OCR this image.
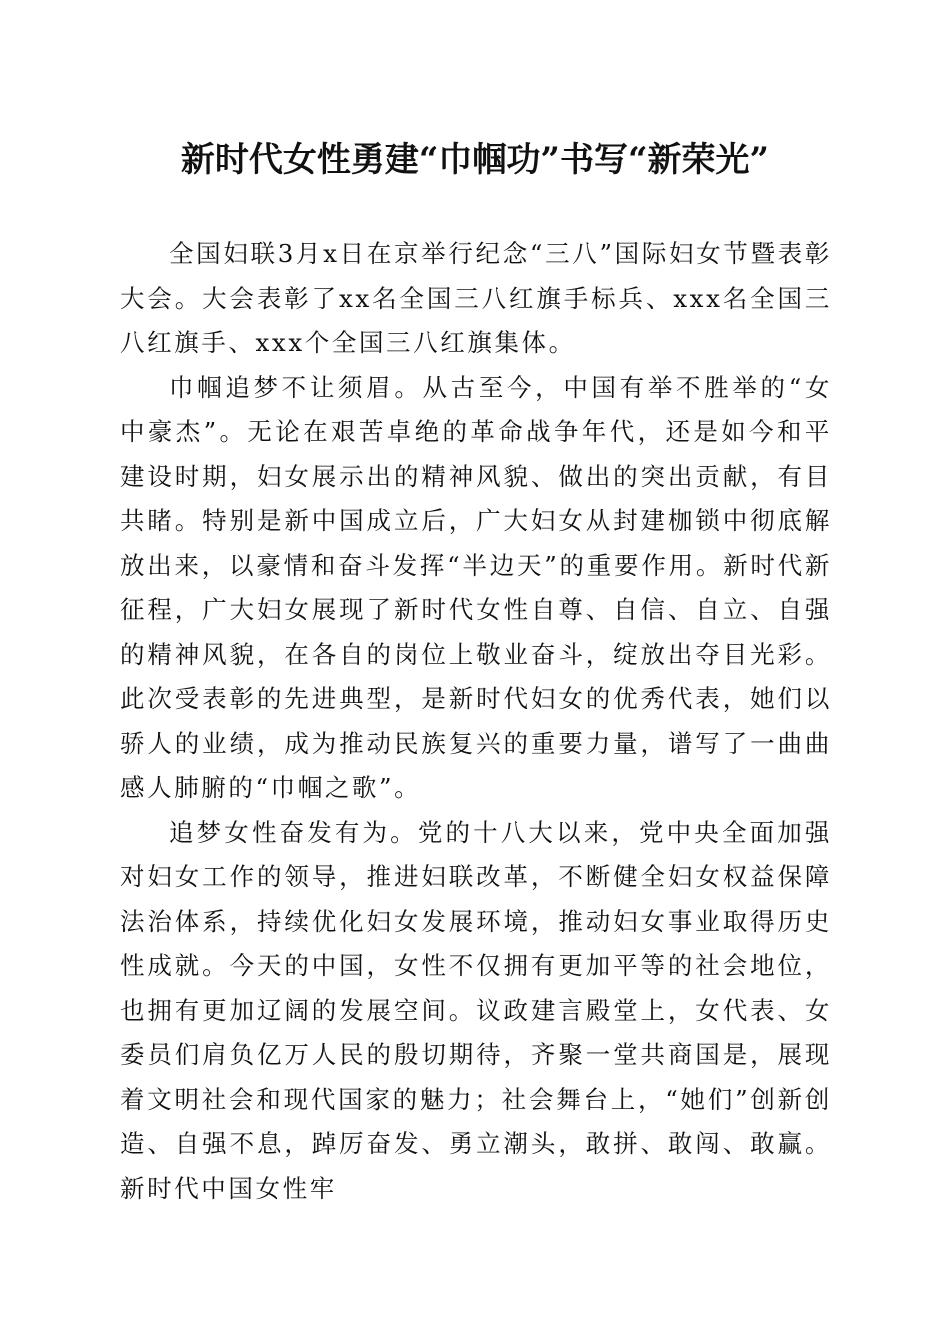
新时代女性勇建“巾帼功”书写“新荣光”

全国妇联3月x日在京举行纪念“三八”国际妇女节暨表彰大会。大会表彰了xx名全国三八红旗手标兵、xxx名全国三八红旗手、xxx个全国三八红旗集体。

巾帼追梦不让须眉。从古至今，中国有举不胜举的“女中豪杰”。无论在艰苦卓绝的革命战争年代，还是如今和平建设时期，妇女展示出的精神风貌、做出的突出贡献，有目共睹。特别是新中国成立后，广大妇女从封建枷锁中彻底解放出来，以豪情和奋斗发挥“半边天”的重要作用。新时代新征程，广大妇女展现了新时代女性自尊、自信、自立、自强的精神风貌，在各自的岗位上敬业奋斗，绽放出夺目光彩。此次受表彰的先进典型，是新时代妇女的优秀代表，她们以骄人的业绩，成为推动民族复兴的重要力量，谱写了一曲曲感人肺腑的“巾帼之歌”。

追梦女性奋发有为。党的十八大以来，党中央全面加强对妇女工作的领导，推进妇联改革，不断健全妇女权益保障法治体系，持续优化妇女发展环境，推动妇女事业取得历史性成就。今天的中国，女性不仅拥有更加平等的社会地位，也拥有更加辽阔的发展空间。议政建言殿堂上，女代表、女委员们肩负亿万人民的殷切期待，齐聚一堂共商国是，展现着文明社会和现代国家的魅力；社会舞台上，“她们”创新创造、自强不息，踔厉奋发、勇立潮头，敢拼、敢闯、敢赢。新时代中国女性牢
